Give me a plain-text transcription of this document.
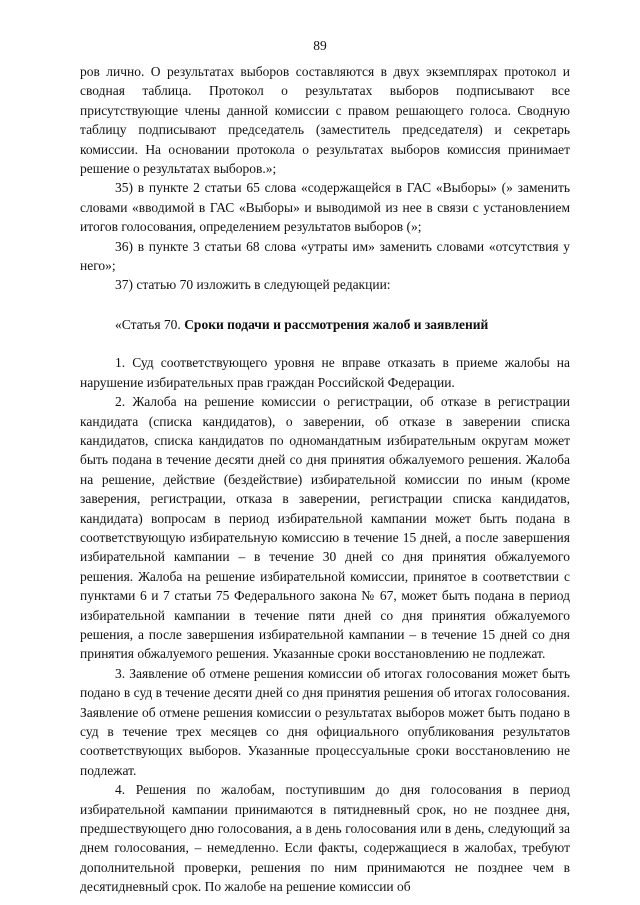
89

ров лично. О результатах выборов составляются в двух экземплярах протокол и сводная таблица. Протокол о результатах выборов подписывают все присутствующие члены данной комиссии с правом решающего голоса. Сводную таблицу подписывают председатель (заместитель председателя) и секретарь комиссии. На основании протокола о результатах выборов комиссия принимает решение о результатах выборов.»;

35) в пункте 2 статьи 65 слова «содержащейся в ГАС «Выборы» (» заменить словами «вводимой в ГАС «Выборы» и выводимой из нее в связи с установлением итогов голосования, определением результатов выборов (»;

36) в пункте 3 статьи 68 слова «утраты им» заменить словами «отсутствия у него»;

37) статью 70 изложить в следующей редакции:

«Статья 70. Сроки подачи и рассмотрения жалоб и заявлений

1. Суд соответствующего уровня не вправе отказать в приеме жалобы на нарушение избирательных прав граждан Российской Федерации.

2. Жалоба на решение комиссии о регистрации, об отказе в регистрации кандидата (списка кандидатов), о заверении, об отказе в заверении списка кандидатов, списка кандидатов по одномандатным избирательным округам может быть подана в течение десяти дней со дня принятия обжалуемого решения. Жалоба на решение, действие (бездействие) избирательной комиссии по иным (кроме заверения, регистрации, отказа в заверении, регистрации списка кандидатов, кандидата) вопросам в период избирательной кампании может быть подана в соответствующую избирательную комиссию в течение 15 дней, а после завершения избирательной кампании – в течение 30 дней со дня принятия обжалуемого решения. Жалоба на решение избирательной комиссии, принятое в соответствии с пунктами 6 и 7 статьи 75 Федерального закона № 67, может быть подана в период избирательной кампании в течение пяти дней со дня принятия обжалуемого решения, а после завершения избирательной кампании – в течение 15 дней со дня принятия обжалуемого решения. Указанные сроки восстановлению не подлежат.

3. Заявление об отмене решения комиссии об итогах голосования может быть подано в суд в течение десяти дней со дня принятия решения об итогах голосования. Заявление об отмене решения комиссии о результатах выборов может быть подано в суд в течение трех месяцев со дня официального опубликования результатов соответствующих выборов. Указанные процессуальные сроки восстановлению не подлежат.

4. Решения по жалобам, поступившим до дня голосования в период избирательной кампании принимаются в пятидневный срок, но не позднее дня, предшествующего дню голосования, а в день голосования или в день, следующий за днем голосования, – немедленно. Если факты, содержащиеся в жалобах, требуют дополнительной проверки, решения по ним принимаются не позднее чем в десятидневный срок. По жалобе на решение комиссии об
